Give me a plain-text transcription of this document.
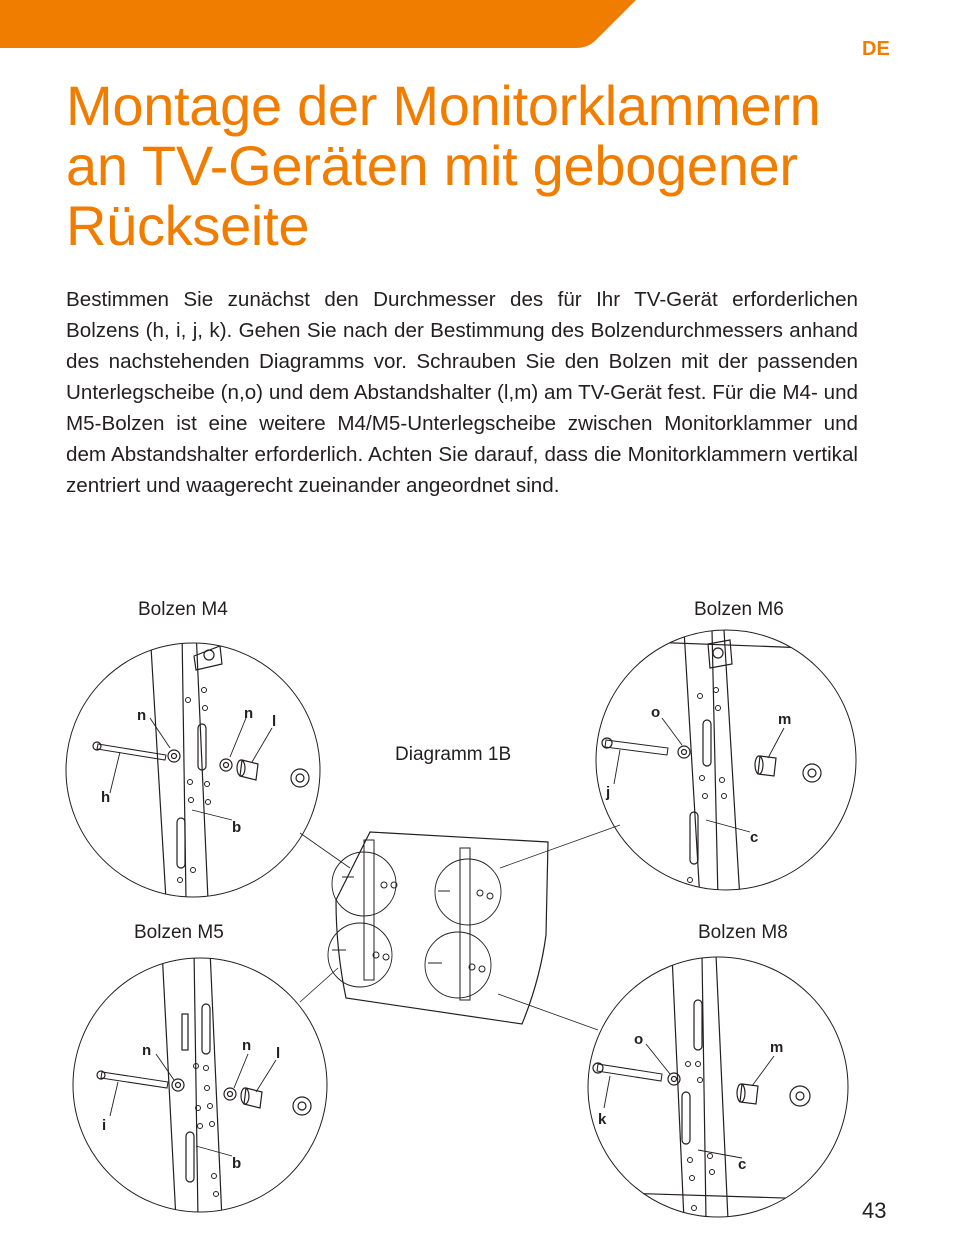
DE
Montage der Monitorklammern an TV-Geräten mit gebogener Rückseite

Bestimmen Sie zunächst den Durchmesser des für Ihr TV-Gerät erforderlichen Bolzens (h, i, j, k). Gehen Sie nach der Bestimmung des Bolzendurchmessers anhand des nachstehenden Diagramms vor. Schrauben Sie den Bolzen mit der passenden Unterlegscheibe (n,o) und dem Abstandshalter (l,m) am TV-Gerät fest. Für die M4- und M5-Bolzen ist eine weitere M4/M5-Unterlegscheibe zwischen Monitorklammer und dem Abstandshalter erforderlich. Achten Sie darauf, dass die Monitorklammern vertikal zentriert und waagerecht zueinander angeordnet sind.

Bolzen M4	Bolzen M6
Diagramm 1B
Bolzen M5	Bolzen M8
n	n l
h
b
o	m
j
c
n	n l
i
b
o	m
k
c
43
